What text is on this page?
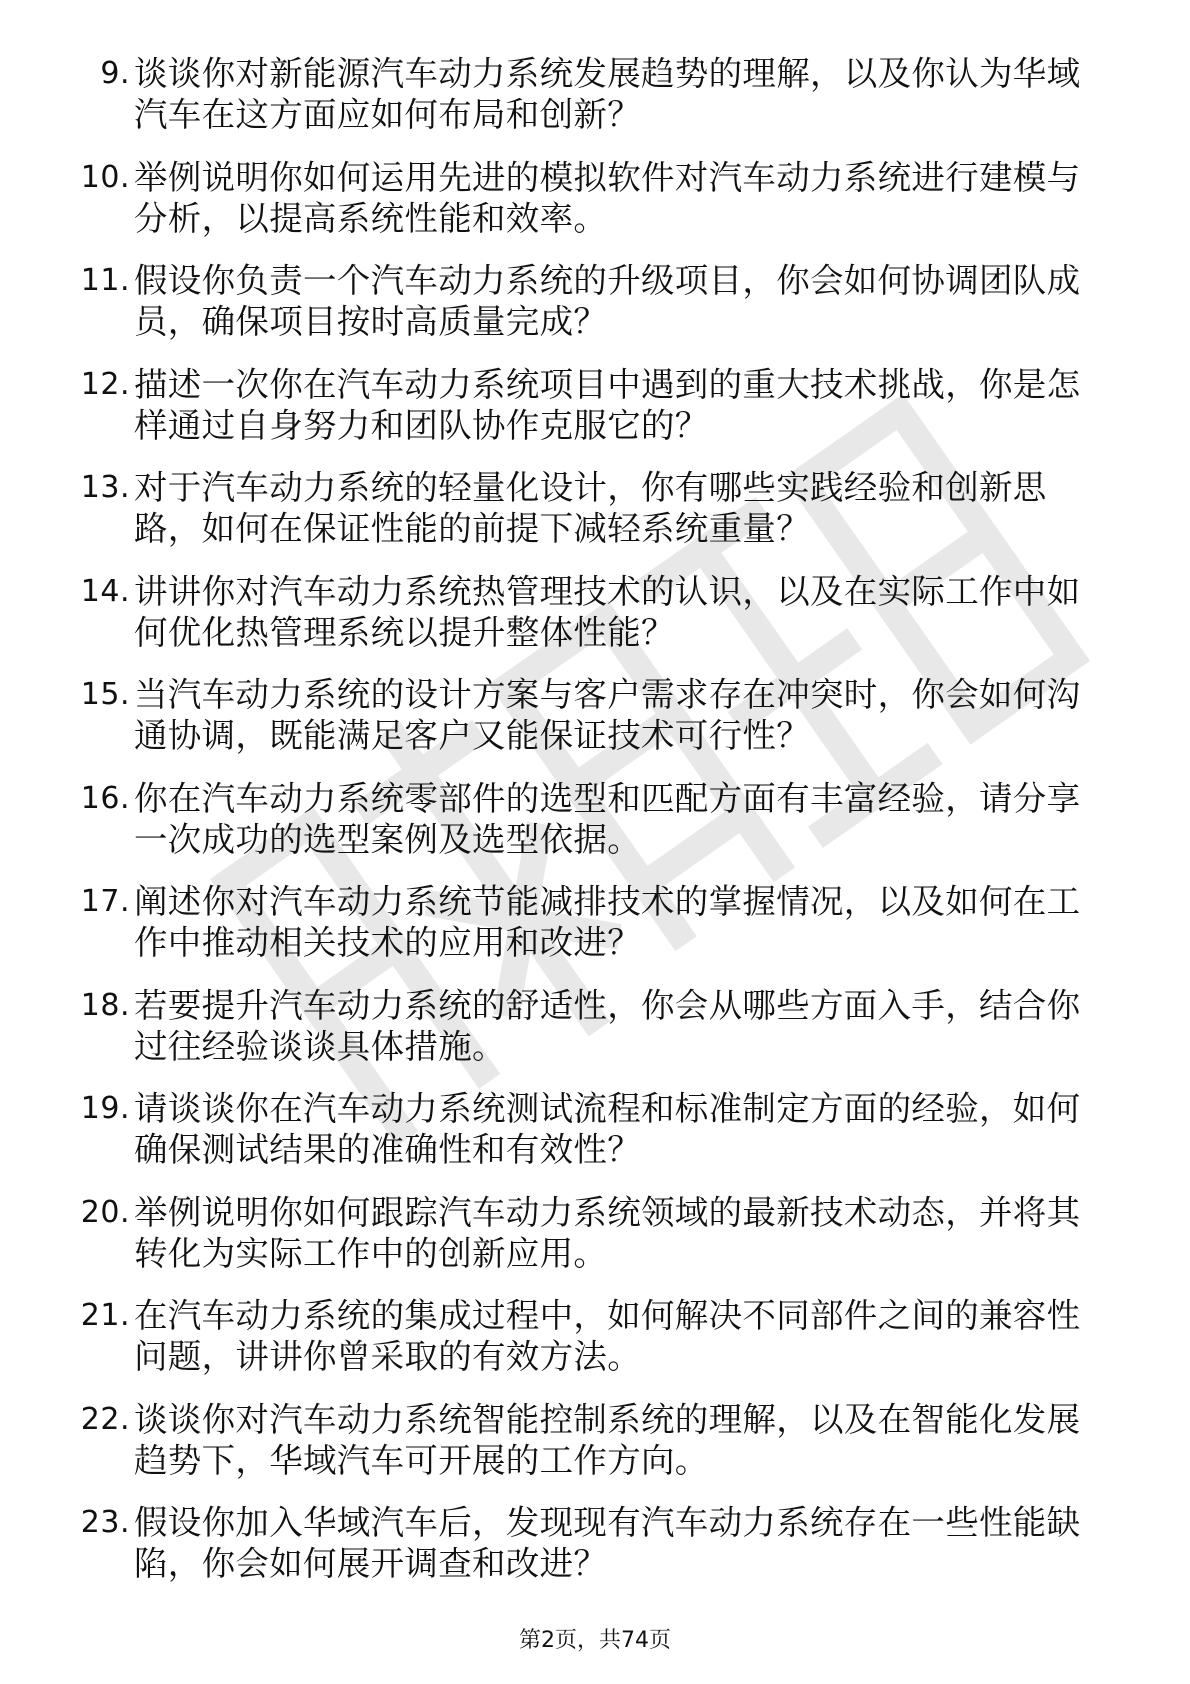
9. 谈谈你对新能源汽车动力系统发展趋势的理解，以及你认为华域
汽车在这方面应如何布局和创新？
10. 举例说明你如何运用先进的模拟软件对汽车动力系统进行建模与
分析，以提高系统性能和效率。
11. 假设你负责一个汽车动力系统的升级项目，你会如何协调团队成
员，确保项目按时高质量完成？
12. 描述一次你在汽车动力系统项目中遇到的重大技术挑战，你是怎
样通过自身努力和团队协作克服它的？
13. 对于汽车动力系统的轻量化设计，你有哪些实践经验和创新思
路，如何在保证性能的前提下减轻系统重量？
14. 讲讲你对汽车动力系统热管理技术的认识，以及在实际工作中如
何优化热管理系统以提升整体性能？
15. 当汽车动力系统的设计方案与客户需求存在冲突时，你会如何沟
通协调，既能满足客户又能保证技术可行性？
16. 你在汽车动力系统零部件的选型和匹配方面有丰富经验，请分享
一次成功的选型案例及选型依据。
17. 阐述你对汽车动力系统节能减排技术的掌握情况，以及如何在工
作中推动相关技术的应用和改进？
18. 若要提升汽车动力系统的舒适性，你会从哪些方面入手，结合你
过往经验谈谈具体措施。
19. 请谈谈你在汽车动力系统测试流程和标准制定方面的经验，如何
确保测试结果的准确性和有效性？
20. 举例说明你如何跟踪汽车动力系统领域的最新技术动态，并将其
转化为实际工作中的创新应用。
21. 在汽车动力系统的集成过程中，如何解决不同部件之间的兼容性
问题，讲讲你曾采取的有效方法。
22. 谈谈你对汽车动力系统智能控制系统的理解，以及在智能化发展
趋势下，华域汽车可开展的工作方向。
23. 假设你加入华域汽车后，发现现有汽车动力系统存在一些性能缺
陷，你会如何展开调查和改进？
第2页，共74页
